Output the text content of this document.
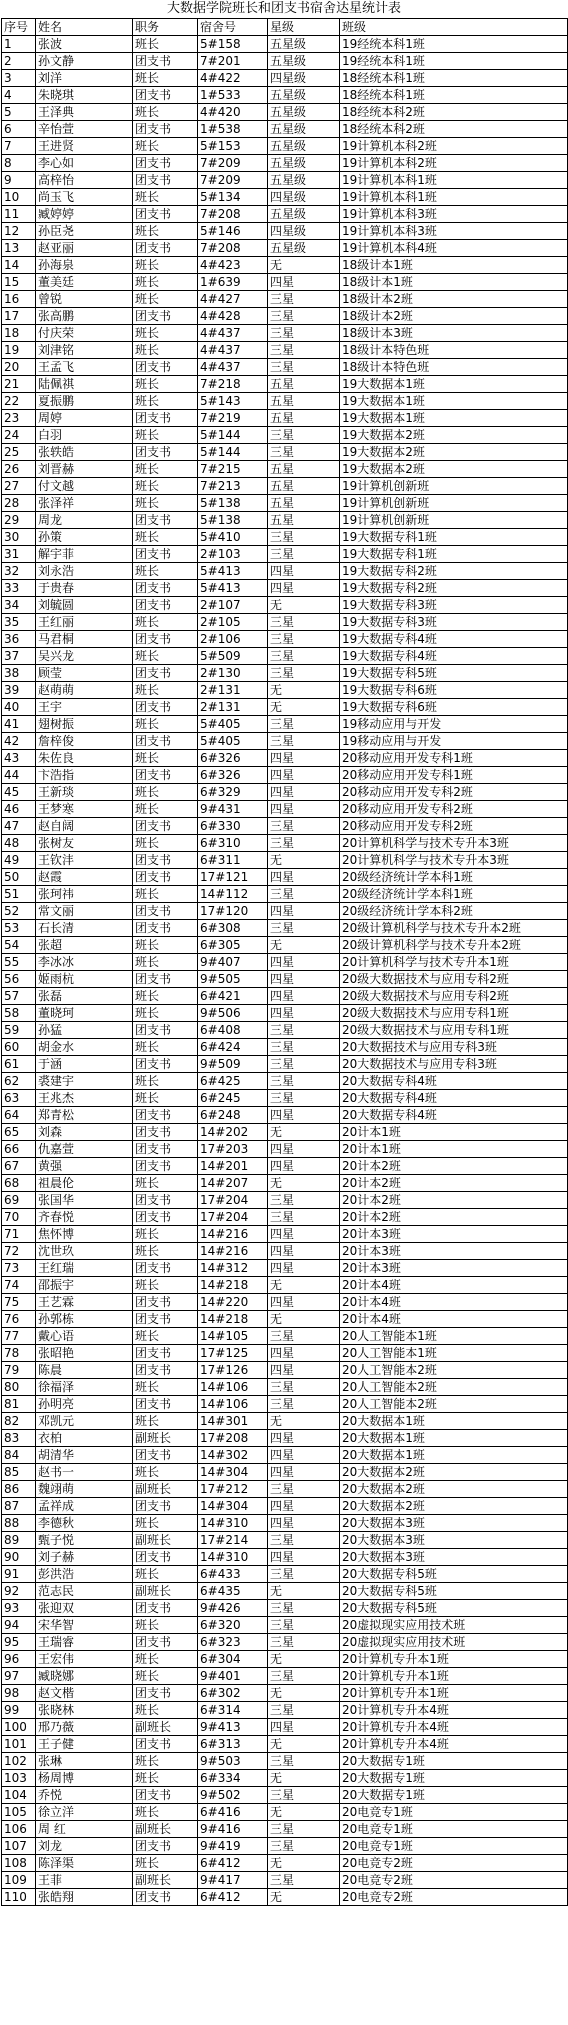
大数据学院班长和团支书宿舍达星统计表
序号	姓名	职务	宿舍号	星级	班级
1	张波	班长	5#158	五星级	19经统本科1班
2	孙文静	团支书	7#201	五星级	19经统本科1班
3	刘洋	班长	4#422	四星级	18经统本科1班
4	朱晓琪	团支书	1#533	五星级	18经统本科1班
5	王泽典	班长	4#420	五星级	18经统本科2班
6	辛怡萱	团支书	1#538	五星级	18经统本科2班
7	王进贤	班长	5#153	五星级	19计算机本科2班
8	李心如	团支书	7#209	五星级	19计算机本科2班
9	高梓怡	团支书	7#209	五星级	19计算机本科1班
10	尚玉飞	班长	5#134	四星级	19计算机本科1班
11	臧婷婷	团支书	7#208	五星级	19计算机本科3班
12	孙臣尧	班长	5#146	四星级	19计算机本科3班
13	赵亚丽	团支书	7#208	五星级	19计算机本科4班
14	孙海泉	班长	4#423	无	18级计本1班
15	董美廷	班长	1#639	四星	18级计本1班
16	曾锐	班长	4#427	三星	18级计本2班
17	张高鹏	团支书	4#428	三星	18级计本2班
18	付庆荣	班长	4#437	三星	18级计本3班
19	刘津铭	班长	4#437	三星	18级计本特色班
20	王孟飞	团支书	4#437	三星	18级计本特色班
21	陆佩祺	班长	7#218	五星	19大数据本1班
22	夏振鹏	班长	5#143	五星	19大数据本1班
23	周婷	团支书	7#219	五星	19大数据本1班
24	白羽	班长	5#144	三星	19大数据本2班
25	张轶皓	团支书	5#144	三星	19大数据本2班
26	刘晋赫	班长	7#215	五星	19大数据本2班
27	付文越	班长	7#213	五星	19计算机创新班
28	张泽祥	班长	5#138	五星	19计算机创新班
29	周龙	团支书	5#138	五星	19计算机创新班
30	孙策	班长	5#410	三星	19大数据专科1班
31	解宇菲	团支书	2#103	三星	19大数据专科1班
32	刘永浩	班长	5#413	四星	19大数据专科2班
33	于贵春	团支书	5#413	四星	19大数据专科2班
34	刘毓圆	团支书	2#107	无	19大数据专科3班
35	王红丽	班长	2#105	三星	19大数据专科3班
36	马君桐	团支书	2#106	三星	19大数据专科4班
37	吴兴龙	班长	5#509	三星	19大数据专科4班
38	顾莹	团支书	2#130	三星	19大数据专科5班
39	赵萌萌	班长	2#131	无	19大数据专科6班
40	王宇	团支书	2#131	无	19大数据专科6班
41	翅树振	班长	5#405	三星	19移动应用与开发
42	詹梓俊	团支书	5#405	三星	19移动应用与开发
43	朱佐良	班长	6#326	四星	20移动应用开发专科1班
44	卞浩指	团支书	6#326	四星	20移动应用开发专科1班
45	王新琰	班长	6#329	四星	20移动应用开发专科2班
46	王梦寒	班长	9#431	四星	20移动应用开发专科2班
47	赵自阔	团支书	6#330	三星	20移动应用开发专科2班
48	张树友	班长	6#310	三星	20计算机科学与技术专升本3班
49	王钦沣	团支书	6#311	无	20计算机科学与技术专升本3班
50	赵霞	团支书	17#121	四星	20级经济统计学本科1班
51	张珂祎	班长	14#112	三星	20级经济统计学本科1班
52	常文丽	团支书	17#120	四星	20级经济统计学本科2班
53	石长清	团支书	6#308	三星	20级计算机科学与技术专升本2班
54	张超	班长	6#305	无	20级计算机科学与技术专升本2班
55	李冰冰	班长	9#407	四星	20计算机科学与技术专升本1班
56	姬雨杭	团支书	9#505	四星	20级大数据技术与应用专科2班
57	张磊	班长	6#421	四星	20级大数据技术与应用专科2班
58	董晓珂	班长	9#506	四星	20级大数据技术与应用专科1班
59	孙猛	团支书	6#408	三星	20级大数据技术与应用专科1班
60	胡金水	班长	6#424	三星	20大数据技术与应用专科3班
61	于涵	团支书	9#509	三星	20大数据技术与应用专科3班
62	裘建宇	班长	6#425	三星	20大数据专科4班
63	王兆杰	班长	6#245	三星	20大数据专科4班
64	郑青松	团支书	6#248	四星	20大数据专科4班
65	刘森	团支书	14#202	无	20计本1班
66	仇嘉萱	团支书	17#203	四星	20计本1班
67	黄强	团支书	14#201	四星	20计本2班
68	祖晨伦	班长	14#207	无	20计本2班
69	张国华	团支书	17#204	三星	20计本2班
70	齐春悦	团支书	17#204	三星	20计本2班
71	焦怀博	班长	14#216	四星	20计本3班
72	沈世玖	班长	14#216	四星	20计本3班
73	王红瑞	团支书	14#312	四星	20计本3班
74	邵振宇	班长	14#218	无	20计本4班
75	王艺霖	团支书	14#220	四星	20计本4班
76	孙郭栋	团支书	14#218	无	20计本4班
77	戴心语	班长	14#105	三星	20人工智能本1班
78	张昭艳	团支书	17#125	四星	20人工智能本1班
79	陈晨	团支书	17#126	四星	20人工智能本2班
80	徐福泽	班长	14#106	三星	20人工智能本2班
81	孙明亮	团支书	14#106	三星	20人工智能本2班
82	邓凯元	班长	14#301	无	20大数据本1班
83	衣柏	副班长	17#208	四星	20大数据本1班
84	胡清华	团支书	14#302	四星	20大数据本1班
85	赵书一	班长	14#304	四星	20大数据本2班
86	魏翊萌	副班长	17#212	三星	20大数据本2班
87	孟祥成	团支书	14#304	四星	20大数据本2班
88	李德秋	班长	14#310	四星	20大数据本3班
89	甄子悦	副班长	17#214	三星	20大数据本3班
90	刘子赫	团支书	14#310	四星	20大数据本3班
91	彭洪浩	班长	6#433	三星	20大数据专科5班
92	范志民	副班长	6#435	无	20大数据专科5班
93	张迎双	团支书	9#426	三星	20大数据专科5班
94	宋华智	班长	6#320	三星	20虚拟现实应用技术班
95	王瑞睿	团支书	6#323	三星	20虚拟现实应用技术班
96	王宏伟	班长	6#304	无	20计算机专升本1班
97	臧晓娜	班长	9#401	三星	20计算机专升本1班
98	赵文楷	团支书	6#302	无	20计算机专升本1班
99	张晓林	班长	6#314	三星	20计算机专升本4班
100	邢乃薇	副班长	9#413	四星	20计算机专升本4班
101	王子健	团支书	6#313	无	20计算机专升本4班
102	张琳	班长	9#503	三星	20大数据专1班
103	杨周博	班长	6#334	无	20大数据专1班
104	乔悦	团支书	9#502	三星	20大数据专1班
105	徐立洋	班长	6#416	无	20电竞专1班
106	周 红	副班长	9#416	三星	20电竞专1班
107	刘龙	团支书	9#419	三星	20电竞专1班
108	陈泽渠	班长	6#412	无	20电竞专2班
109	王菲	副班长	9#417	三星	20电竞专2班
110	张皓翔	团支书	6#412	无	20电竞专2班
